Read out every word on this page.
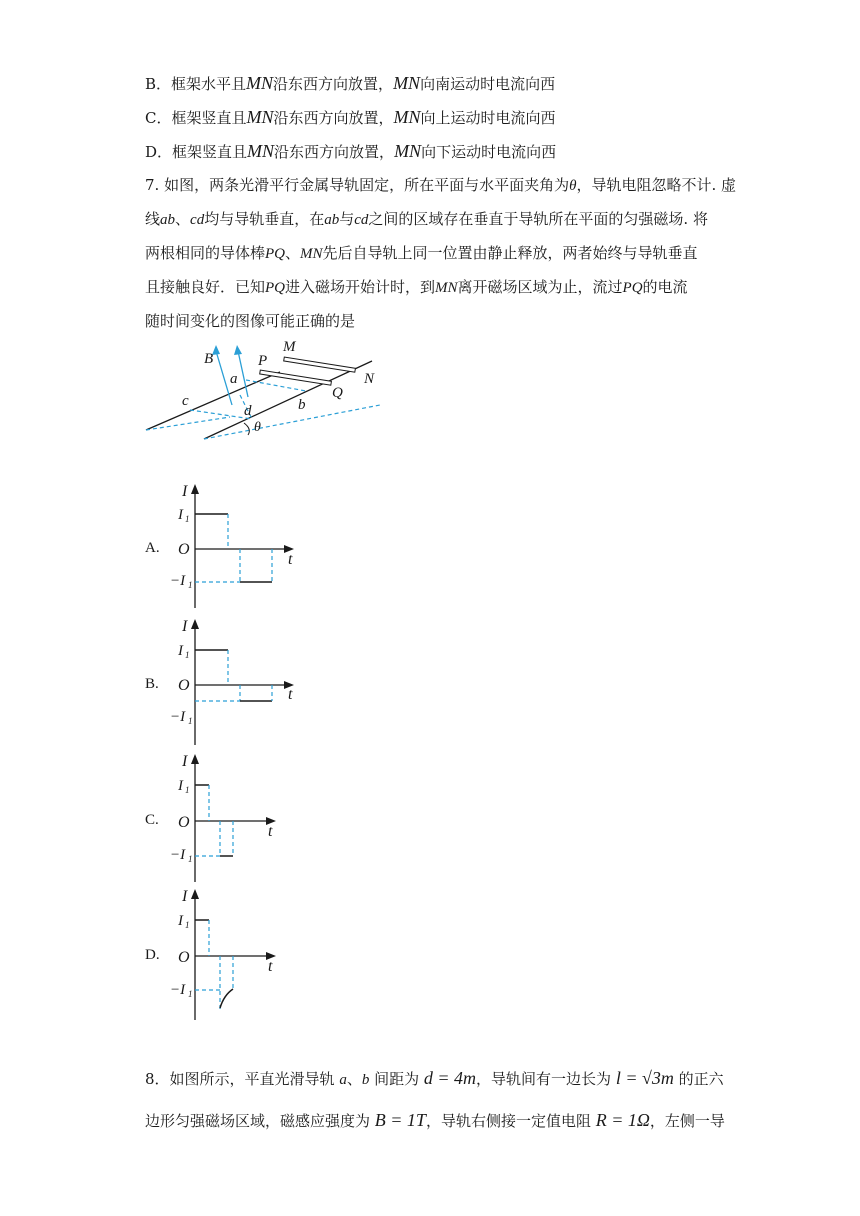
B．框架水平且MN沿东西方向放置，MN向南运动时电流向西
C．框架竖直且MN沿东西方向放置，MN向上运动时电流向西
D．框架竖直且MN沿东西方向放置，MN向下运动时电流向西
7. 如图，两条光滑平行金属导轨固定，所在平面与水平面夹角为θ，导轨电阻忽略不计. 虚
线ab、cd均与导轨垂直，在ab与cd之间的区域存在垂直于导轨所在平面的匀强磁场. 将
两根相同的导体棒PQ、MN先后自导轨上同一位置由静止释放，两者始终与导轨垂直
且接触良好．已知PQ进入磁场开始计时，到MN离开磁场区域为止，流过PQ的电流
随时间变化的图像可能正确的是
B	P
M
N
Q
a
b
c
d
θ
A.
I
I 1
O
−I 1
t
B.
I
I 1
O
−I 1
t
C.
I
I 1
O
−I 1
t
D.
I
I 1
O
−I 1
t
8．如图所示，平直光滑导轨 a、b 间距为 d = 4m，导轨间有一边长为 l = √3m 的正六
边形匀强磁场区域，磁感应强度为 B = 1T，导轨右侧接一定值电阻 R = 1Ω，左侧一导
